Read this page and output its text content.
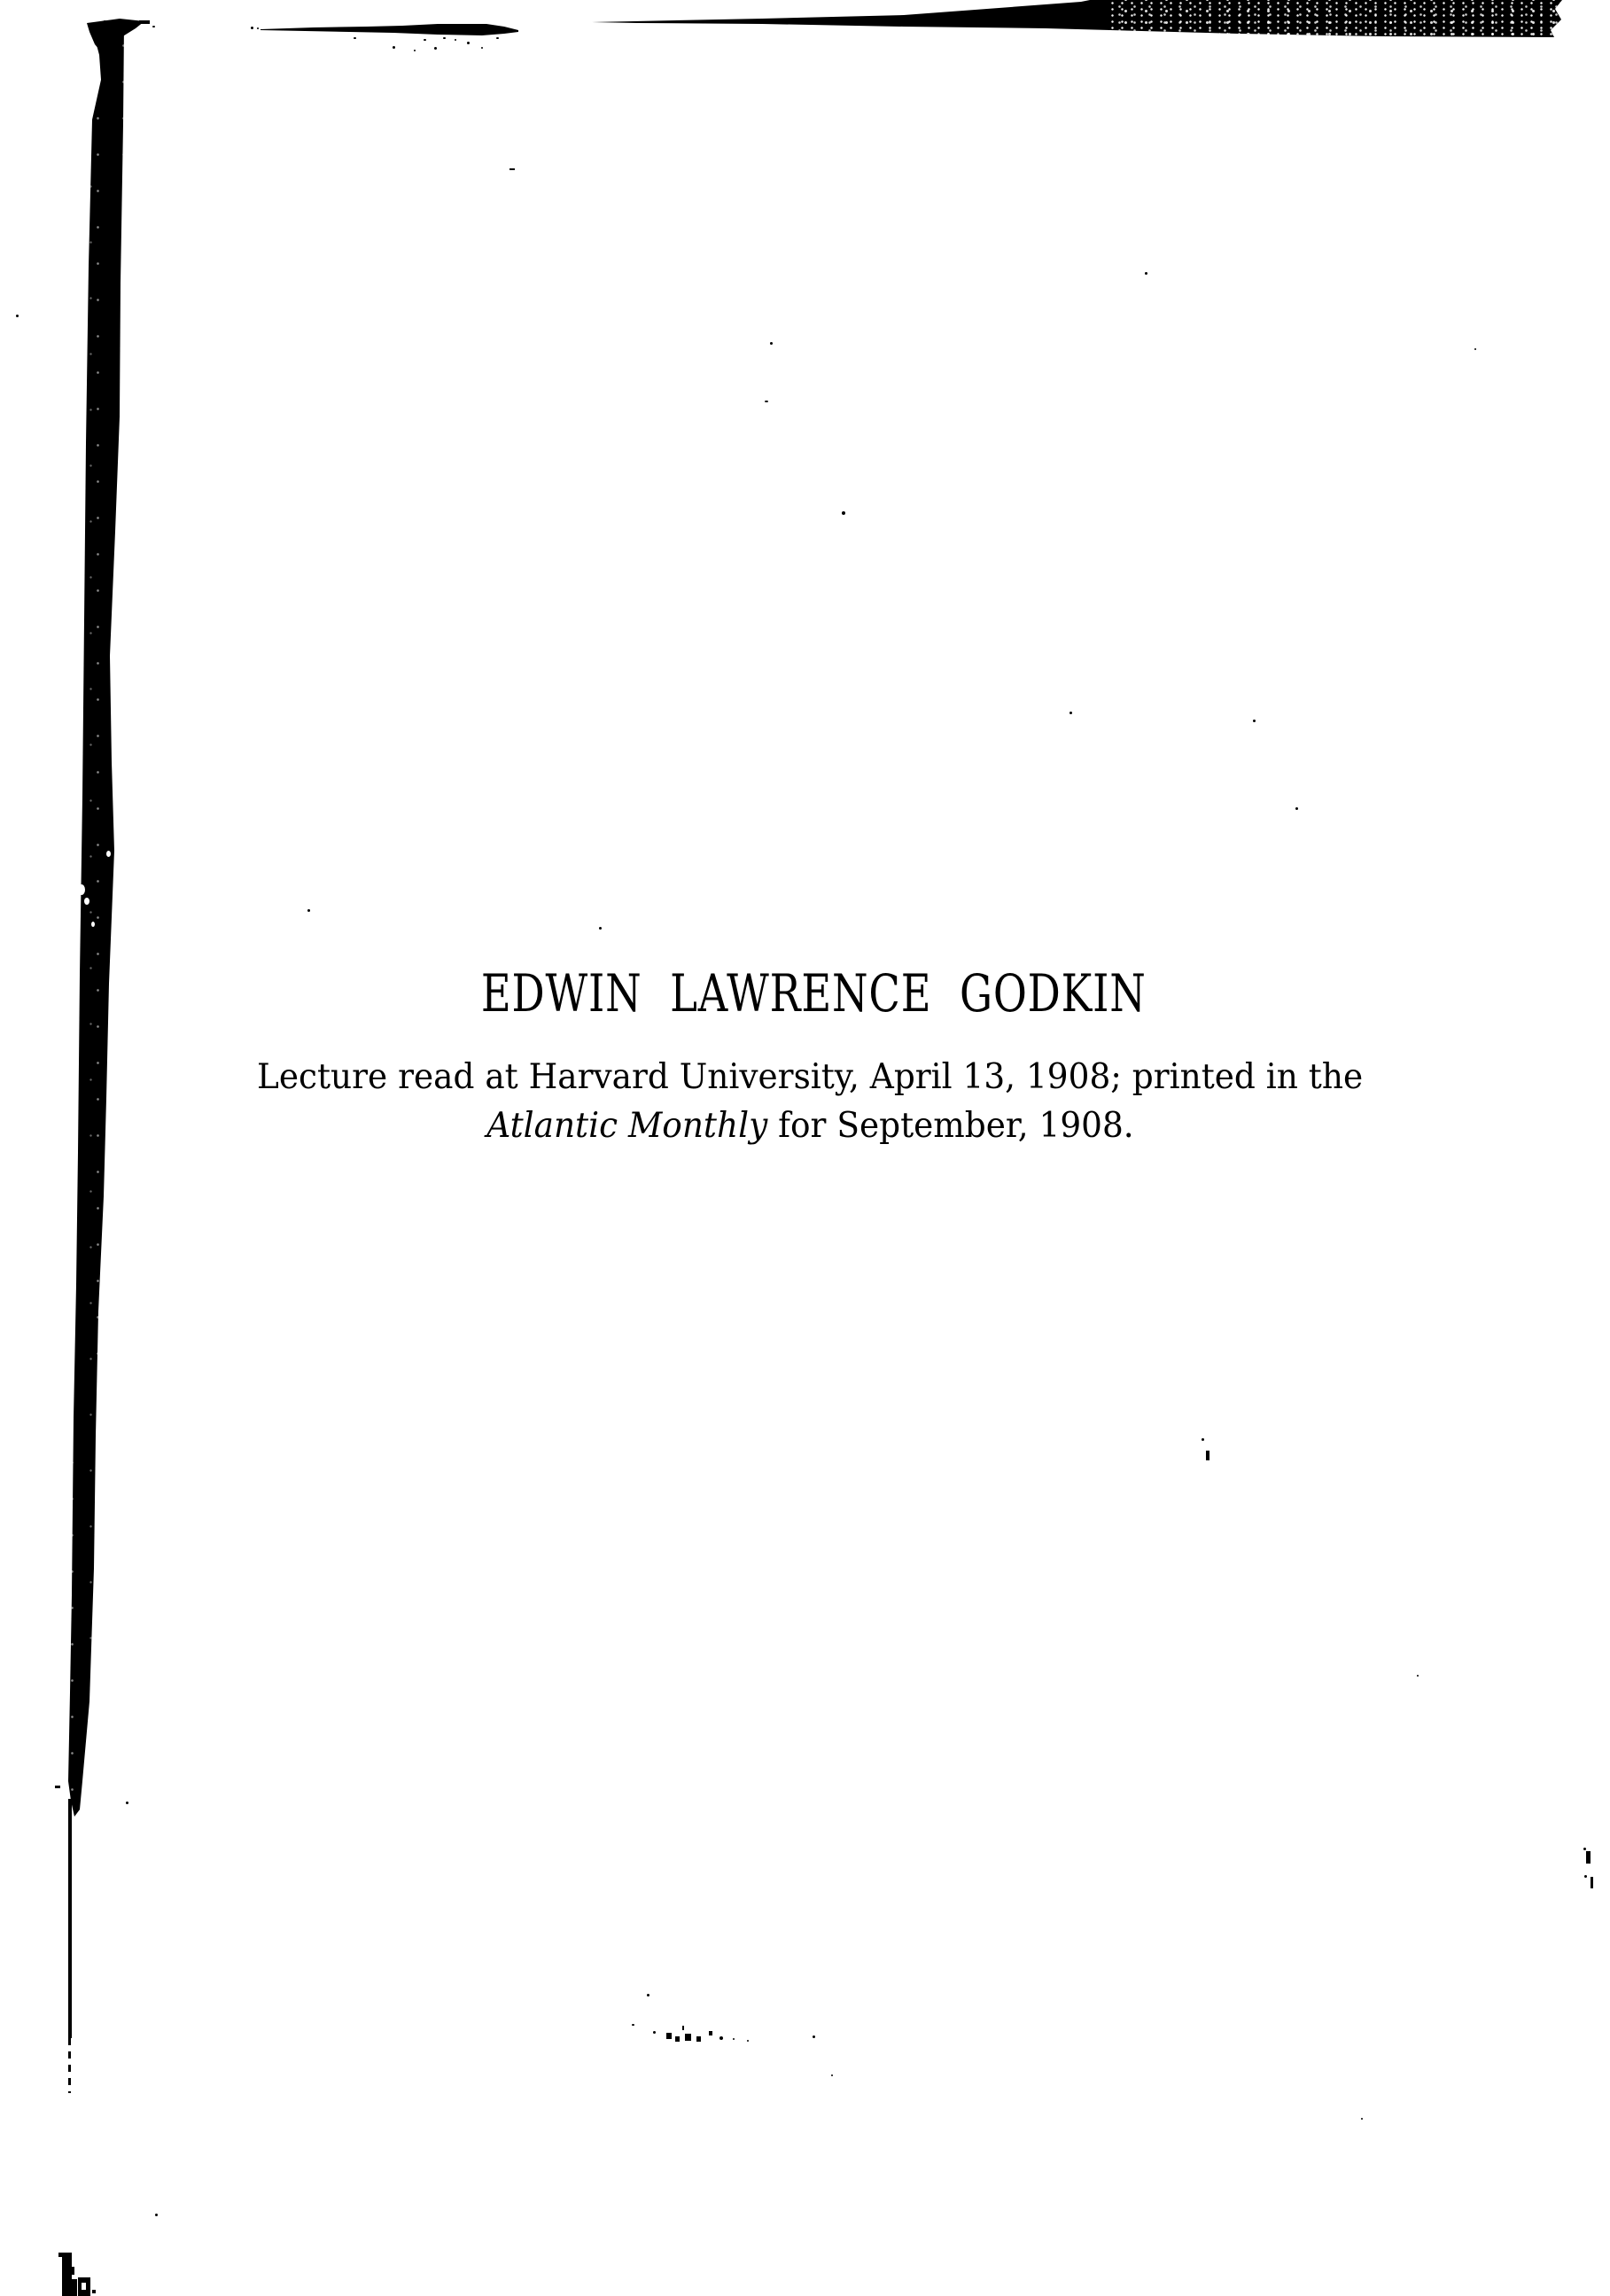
EDWIN LAWRENCE GODKIN
Lecture read at Harvard University, April 13, 1908; printed in the
Atlantic Monthly for September, 1908.
